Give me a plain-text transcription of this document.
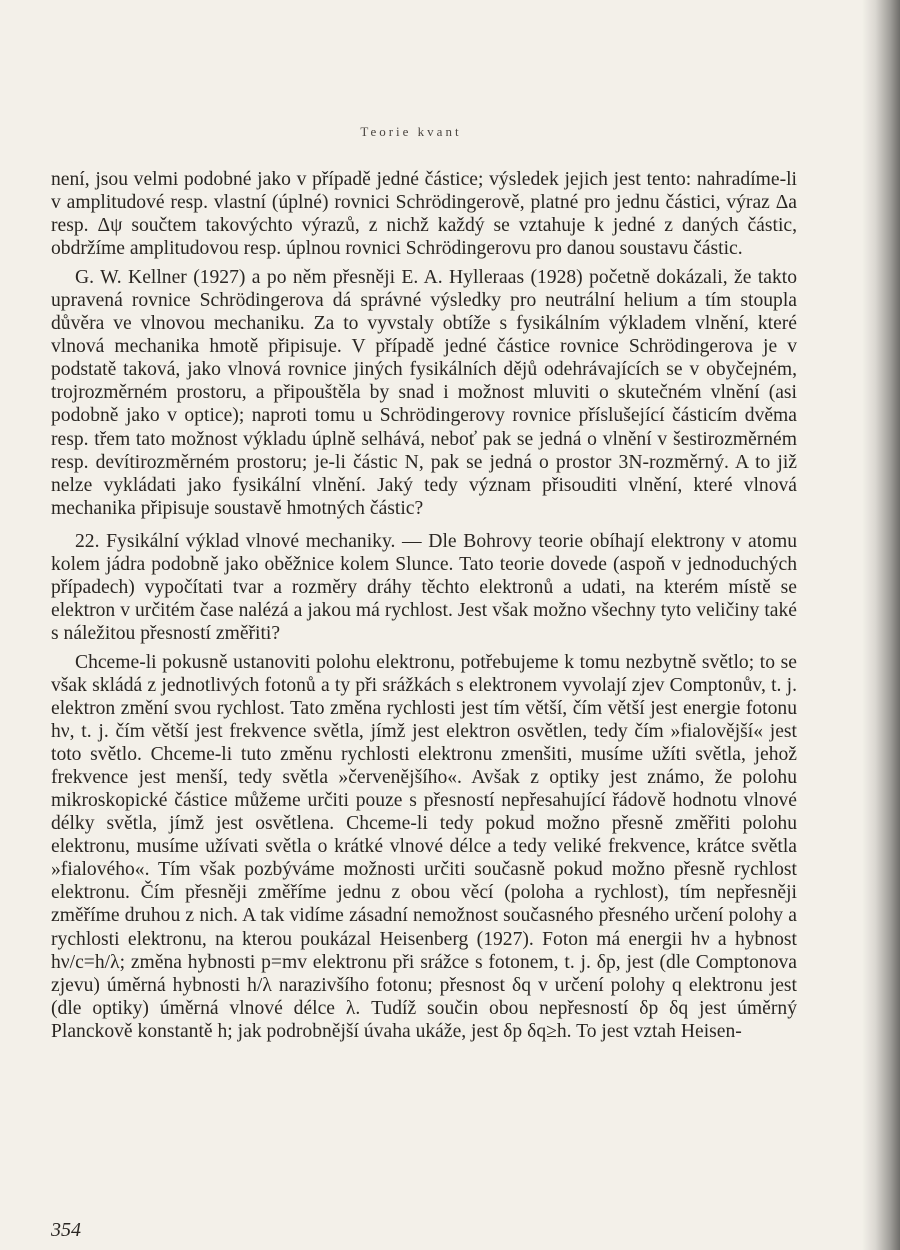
Teorie kvant

není, jsou velmi podobné jako v případě jedné částice; výsledek jejich jest tento: nahradíme-li v amplitudové resp. vlastní (úplné) rovnici Schrödingerově, platné pro jednu částici, výraz Δa resp. Δψ součtem takovýchto výrazů, z nichž každý se vztahuje k jedné z daných částic, obdržíme amplitudovou resp. úplnou rovnici Schrödingerovu pro danou soustavu částic.

G. W. Kellner (1927) a po něm přesněji E. A. Hylleraas (1928) početně dokázali, že takto upravená rovnice Schrödingerova dá správné výsledky pro neutrální helium a tím stoupla důvěra ve vlnovou mechaniku. Za to vyvstaly obtíže s fysikálním výkladem vlnění, které vlnová mechanika hmotě připisuje. V případě jedné částice rovnice Schrödingerova je v podstatě taková, jako vlnová rovnice jiných fysikálních dějů odehrávajících se v obyčejném, trojrozměrném prostoru, a připouštěla by snad i možnost mluviti o skutečném vlnění (asi podobně jako v optice); naproti tomu u Schrödingerovy rovnice příslušející částicím dvěma resp. třem tato možnost výkladu úplně selhává, neboť pak se jedná o vlnění v šestirozměrném resp. devítirozměrném prostoru; je-li částic N, pak se jedná o prostor 3N-rozměrný. A to již nelze vykládati jako fysikální vlnění. Jaký tedy význam přisouditi vlnění, které vlnová mechanika připisuje soustavě hmotných částic?

22. Fysikální výklad vlnové mechaniky. — Dle Bohrovy teorie obíhají elektrony v atomu kolem jádra podobně jako oběžnice kolem Slunce. Tato teorie dovede (aspoň v jednoduchých případech) vypočítati tvar a rozměry dráhy těchto elektronů a udati, na kterém místě se elektron v určitém čase nalézá a jakou má rychlost. Jest však možno všechny tyto veličiny také s náležitou přesností změřiti?

Chceme-li pokusně ustanoviti polohu elektronu, potřebujeme k tomu nezbytně světlo; to se však skládá z jednotlivých fotonů a ty při srážkách s elektronem vyvolají zjev Comptonův, t. j. elektron změní svou rychlost. Tato změna rychlosti jest tím větší, čím větší jest energie fotonu hν, t. j. čím větší jest frekvence světla, jímž jest elektron osvětlen, tedy čím »fialovější« jest toto světlo. Chceme-li tuto změnu rychlosti elektronu zmenšiti, musíme užíti světla, jehož frekvence jest menší, tedy světla »červenějšího«. Avšak z optiky jest známo, že polohu mikroskopické částice můžeme určiti pouze s přesností nepřesahující řádově hodnotu vlnové délky světla, jímž jest osvětlena. Chceme-li tedy pokud možno přesně změřiti polohu elektronu, musíme užívati světla o krátké vlnové délce a tedy veliké frekvence, krátce světla »fialového«. Tím však pozbýváme možnosti určiti současně pokud možno přesně rychlost elektronu. Čím přesněji změříme jednu z obou věcí (poloha a rychlost), tím nepřesněji změříme druhou z nich. A tak vidíme zásadní nemožnost současného přesného určení polohy a rychlosti elektronu, na kterou poukázal Heisenberg (1927). Foton má energii hν a hybnost hν/c=h/λ; změna hybnosti p=mv elektronu při srážce s fotonem, t. j. δp, jest (dle Comptonova zjevu) úměrná hybnosti h/λ narazivšího fotonu; přesnost δq v určení polohy q elektronu jest (dle optiky) úměrná vlnové délce λ. Tudíž součin obou nepřesností δp δq jest úměrný Planckově konstantě h; jak podrobnější úvaha ukáže, jest δp δq≥h. To jest vztah Heisen-

354
